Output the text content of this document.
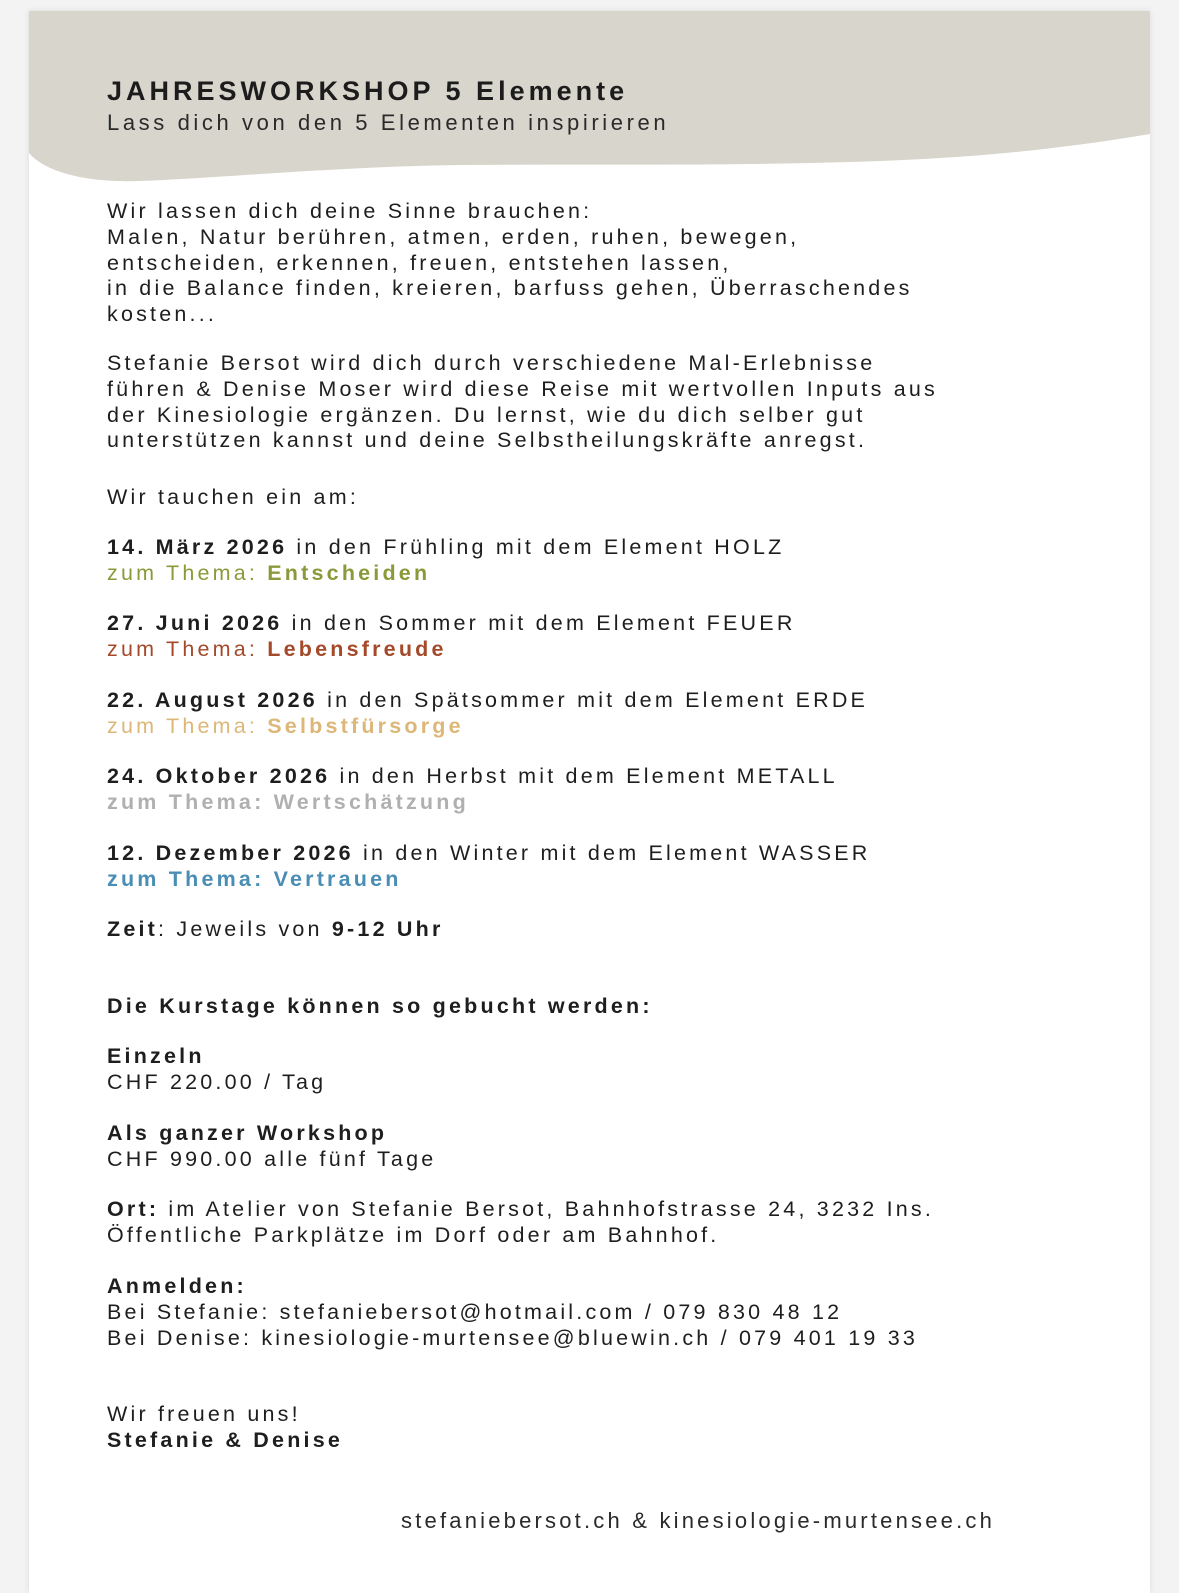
JAHRESWORKSHOP 5 Elemente
Lass dich von den 5 Elementen inspirieren
Wir lassen dich deine Sinne brauchen:
Malen, Natur berühren, atmen, erden, ruhen, bewegen,
entscheiden, erkennen, freuen, entstehen lassen,
in die Balance finden, kreieren, barfuss gehen, Überraschendes
kosten...
Stefanie Bersot wird dich durch verschiedene Mal-Erlebnisse
führen & Denise Moser wird diese Reise mit wertvollen Inputs aus
der Kinesiologie ergänzen. Du lernst, wie du dich selber gut
unterstützen kannst und deine Selbstheilungskräfte anregst.
Wir tauchen ein am:
14. März 2026 in den Frühling mit dem Element HOLZ
zum Thema: Entscheiden
27. Juni 2026 in den Sommer mit dem Element FEUER
zum Thema: Lebensfreude
22. August 2026 in den Spätsommer mit dem Element ERDE
zum Thema: Selbstfürsorge
24. Oktober 2026 in den Herbst mit dem Element METALL
zum Thema: Wertschätzung
12. Dezember 2026 in den Winter mit dem Element WASSER
zum Thema: Vertrauen
Zeit: Jeweils von 9-12 Uhr
Die Kurstage können so gebucht werden:
Einzeln
CHF 220.00 / Tag
Als ganzer Workshop
CHF 990.00 alle fünf Tage
Ort: im Atelier von Stefanie Bersot, Bahnhofstrasse 24, 3232 Ins.
Öffentliche Parkplätze im Dorf oder am Bahnhof.
Anmelden:
Bei Stefanie: stefaniebersot@hotmail.com / 079 830 48 12
Bei Denise: kinesiologie-murtensee@bluewin.ch / 079 401 19 33
Wir freuen uns!
Stefanie & Denise
stefaniebersot.ch & kinesiologie-murtensee.ch
